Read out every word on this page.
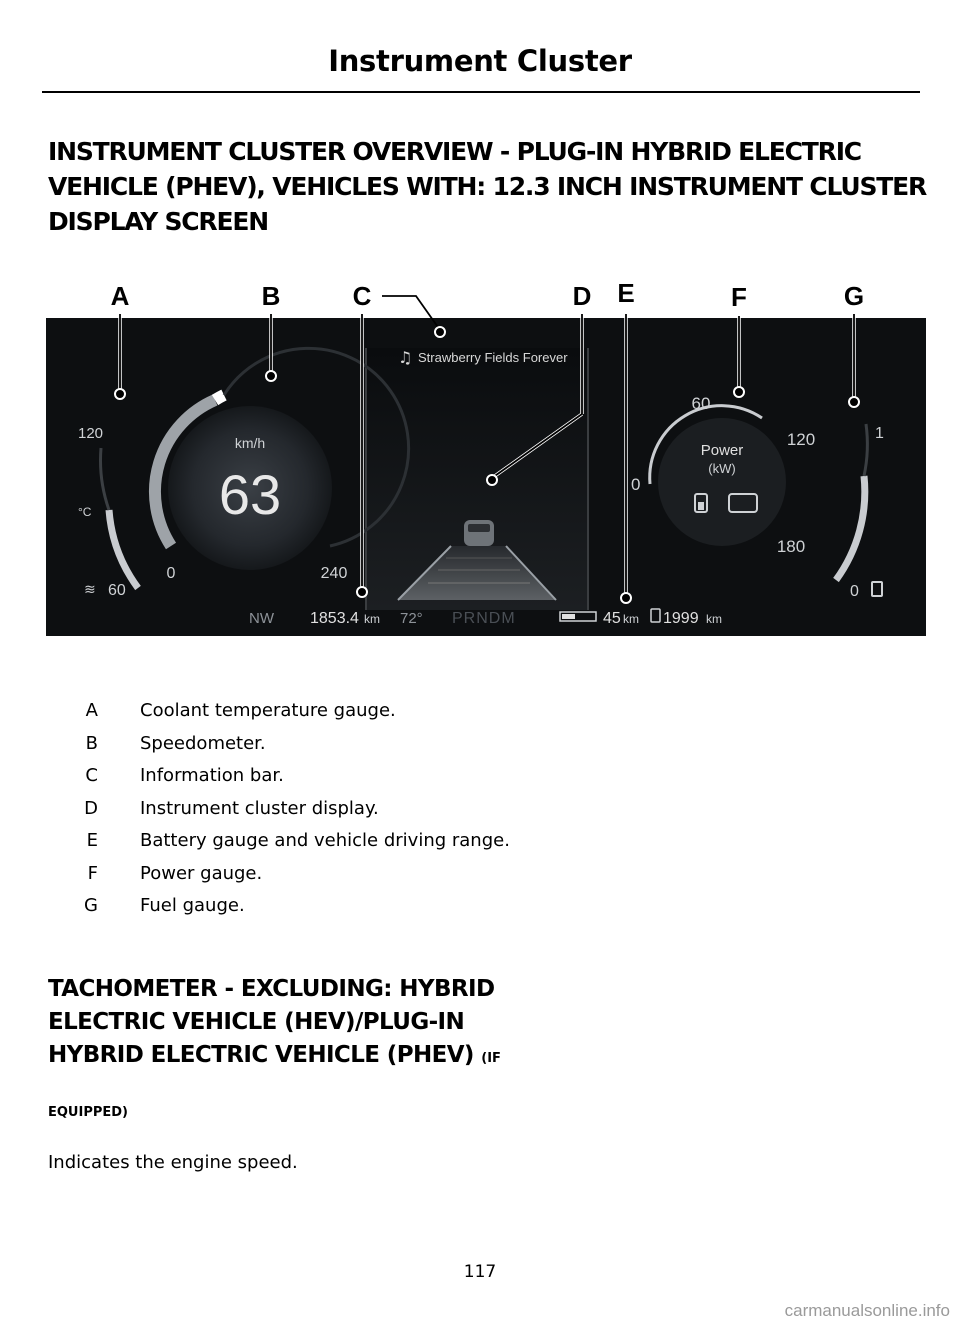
Instrument Cluster
INSTRUMENT CLUSTER OVERVIEW - PLUG-IN HYBRID ELECTRIC VEHICLE (PHEV), VEHICLES WITH: 12.3 INCH INSTRUMENT CLUSTER DISPLAY SCREEN
A	B	C	D E	F	G
♫ Strawberry Fields Forever
km/h
63
0	240
120
°C
≋ 60
Power
(kW)
0
60
120
180
1
0
NW 1853.4 km 72° PRNDM	45 km 1999 km
A	Coolant temperature gauge.
B	Speedometer.
C	Information bar.
D	Instrument cluster display.
E	Battery gauge and vehicle driving range.
F	Power gauge.
G	Fuel gauge.
TACHOMETER - EXCLUDING: HYBRID ELECTRIC VEHICLE (HEV)/PLUG-IN HYBRID ELECTRIC VEHICLE (PHEV) (IF
EQUIPPED)
Indicates the engine speed.
117
carmanualsonline.info
